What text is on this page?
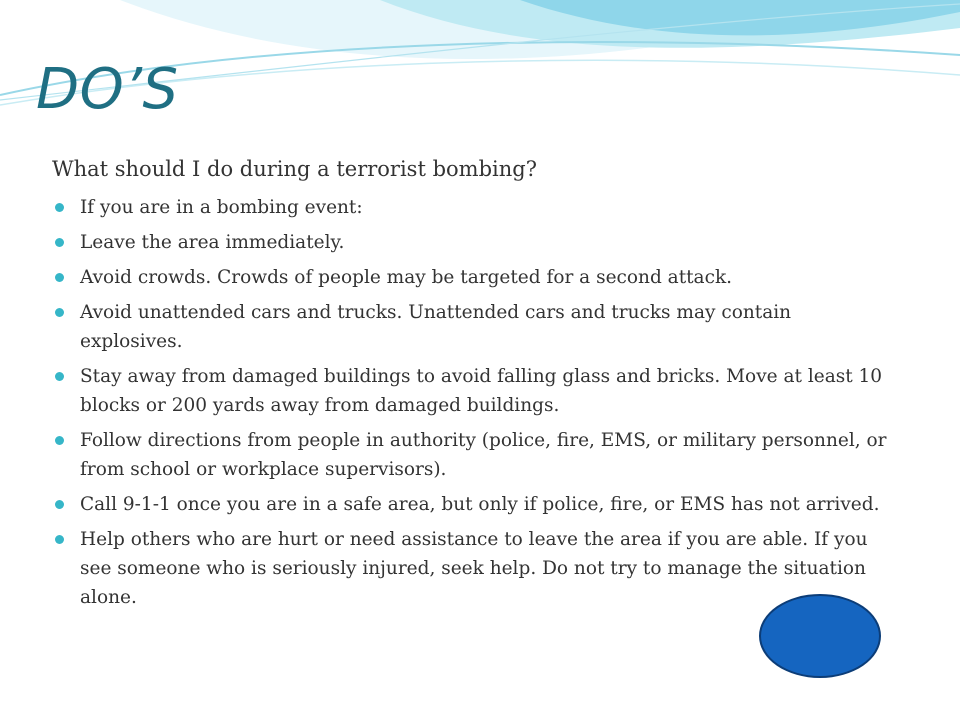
DO’S
What should I do during a terrorist bombing?
If you are in a bombing event:
Leave the area immediately.
Avoid crowds. Crowds of people may be targeted for a second attack.
Avoid unattended cars and trucks. Unattended cars and trucks may contain explosives.
Stay away from damaged buildings to avoid falling glass and bricks. Move at least 10 blocks or 200 yards away from damaged buildings.
Follow directions from people in authority (police, fire, EMS, or military personnel, or from school or workplace supervisors).
Call 9-1-1 once you are in a safe area, but only if police, fire, or EMS has not arrived.
Help others who are hurt or need assistance to leave the area if you are able. If you see someone who is seriously injured, seek help. Do not try to manage the situation alone.
